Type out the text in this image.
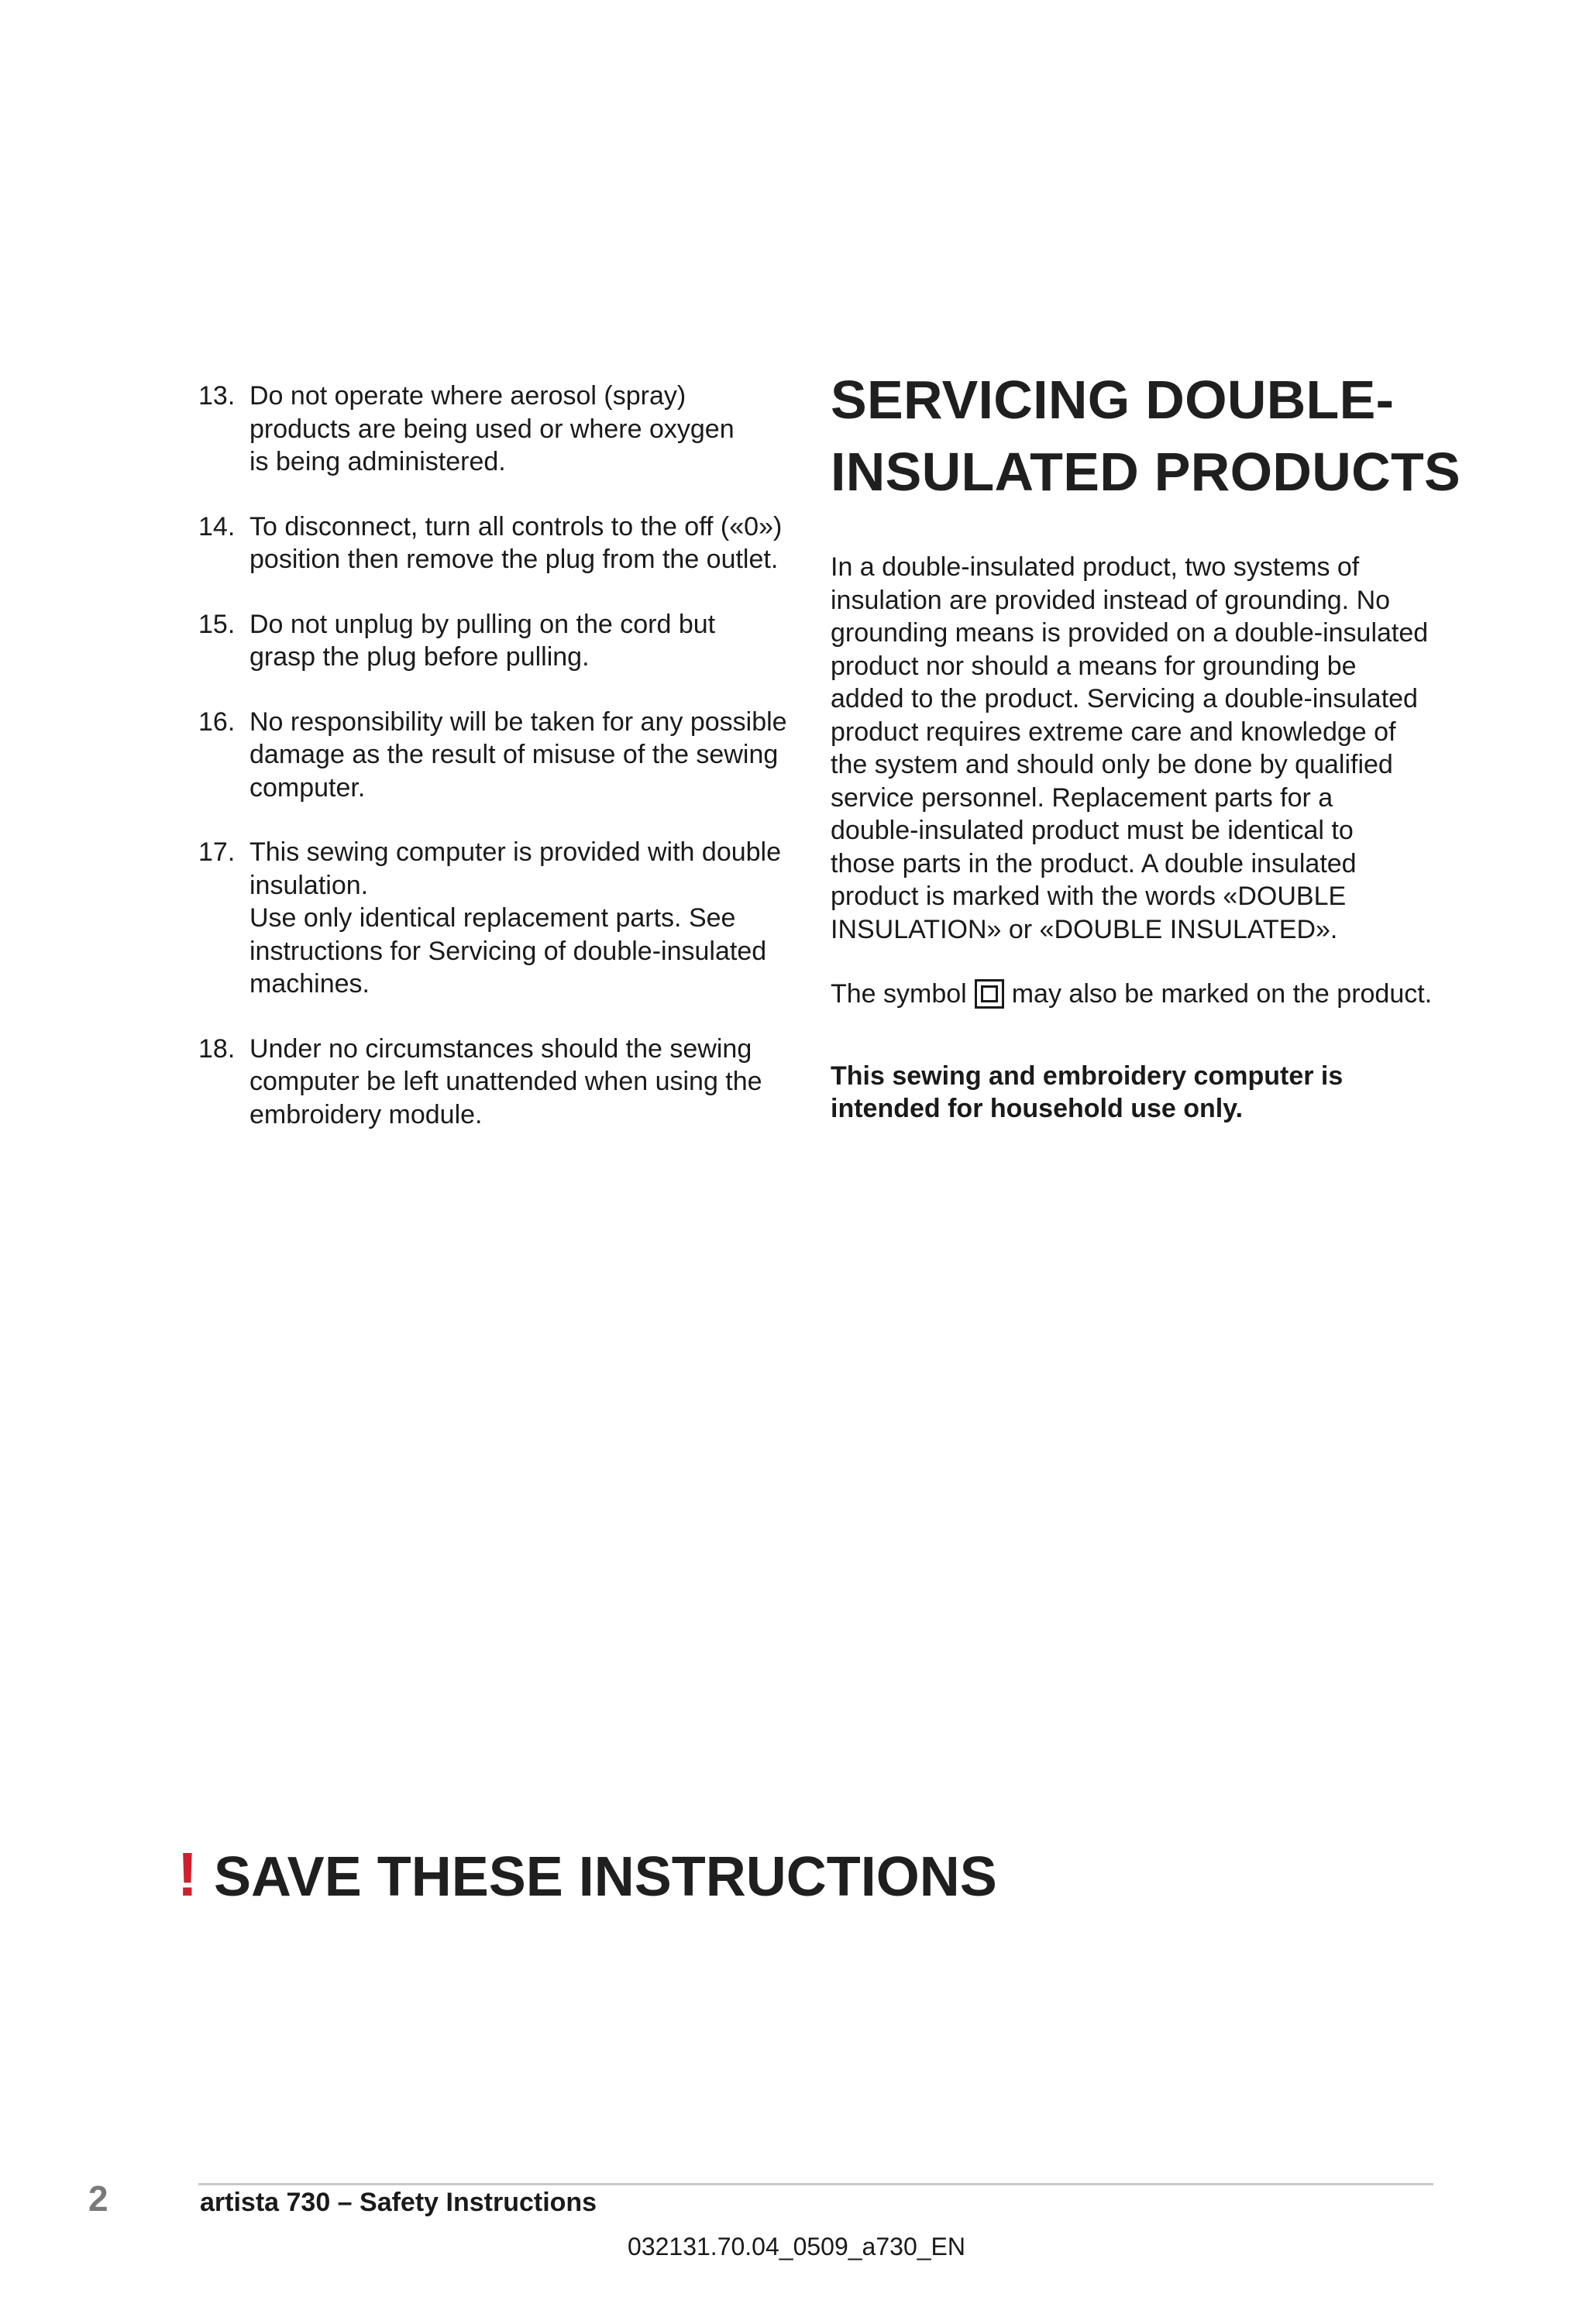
13. Do not operate where aerosol (spray)
products are being used or where oxygen
is being administered.
14. To disconnect, turn all controls to the off («0»)
position then remove the plug from the outlet.
15. Do not unplug by pulling on the cord but
grasp the plug before pulling.
16. No responsibility will be taken for any possible
damage as the result of misuse of the sewing
computer.
17. This sewing computer is provided with double
insulation.
Use only identical replacement parts. See
instructions for Servicing of double-insulated
machines.
18. Under no circumstances should the sewing
computer be left unattended when using the
embroidery module.
SERVICING DOUBLE-
INSULATED PRODUCTS
In a double-insulated product, two systems of
insulation are provided instead of grounding. No
grounding means is provided on a double-insulated
product nor should a means for grounding be
added to the product. Servicing a double-insulated
product requires extreme care and knowledge of
the system and should only be done by qualified
service personnel. Replacement parts for a
double-insulated product must be identical to
those parts in the product. A double insulated
product is marked with the words «DOUBLE
INSULATION» or «DOUBLE INSULATED».
The symbol may also be marked on the product.
This sewing and embroidery computer is
intended for household use only.
! SAVE THESE INSTRUCTIONS
2	artista 730 – Safety Instructions
032131.70.04_0509_a730_EN
